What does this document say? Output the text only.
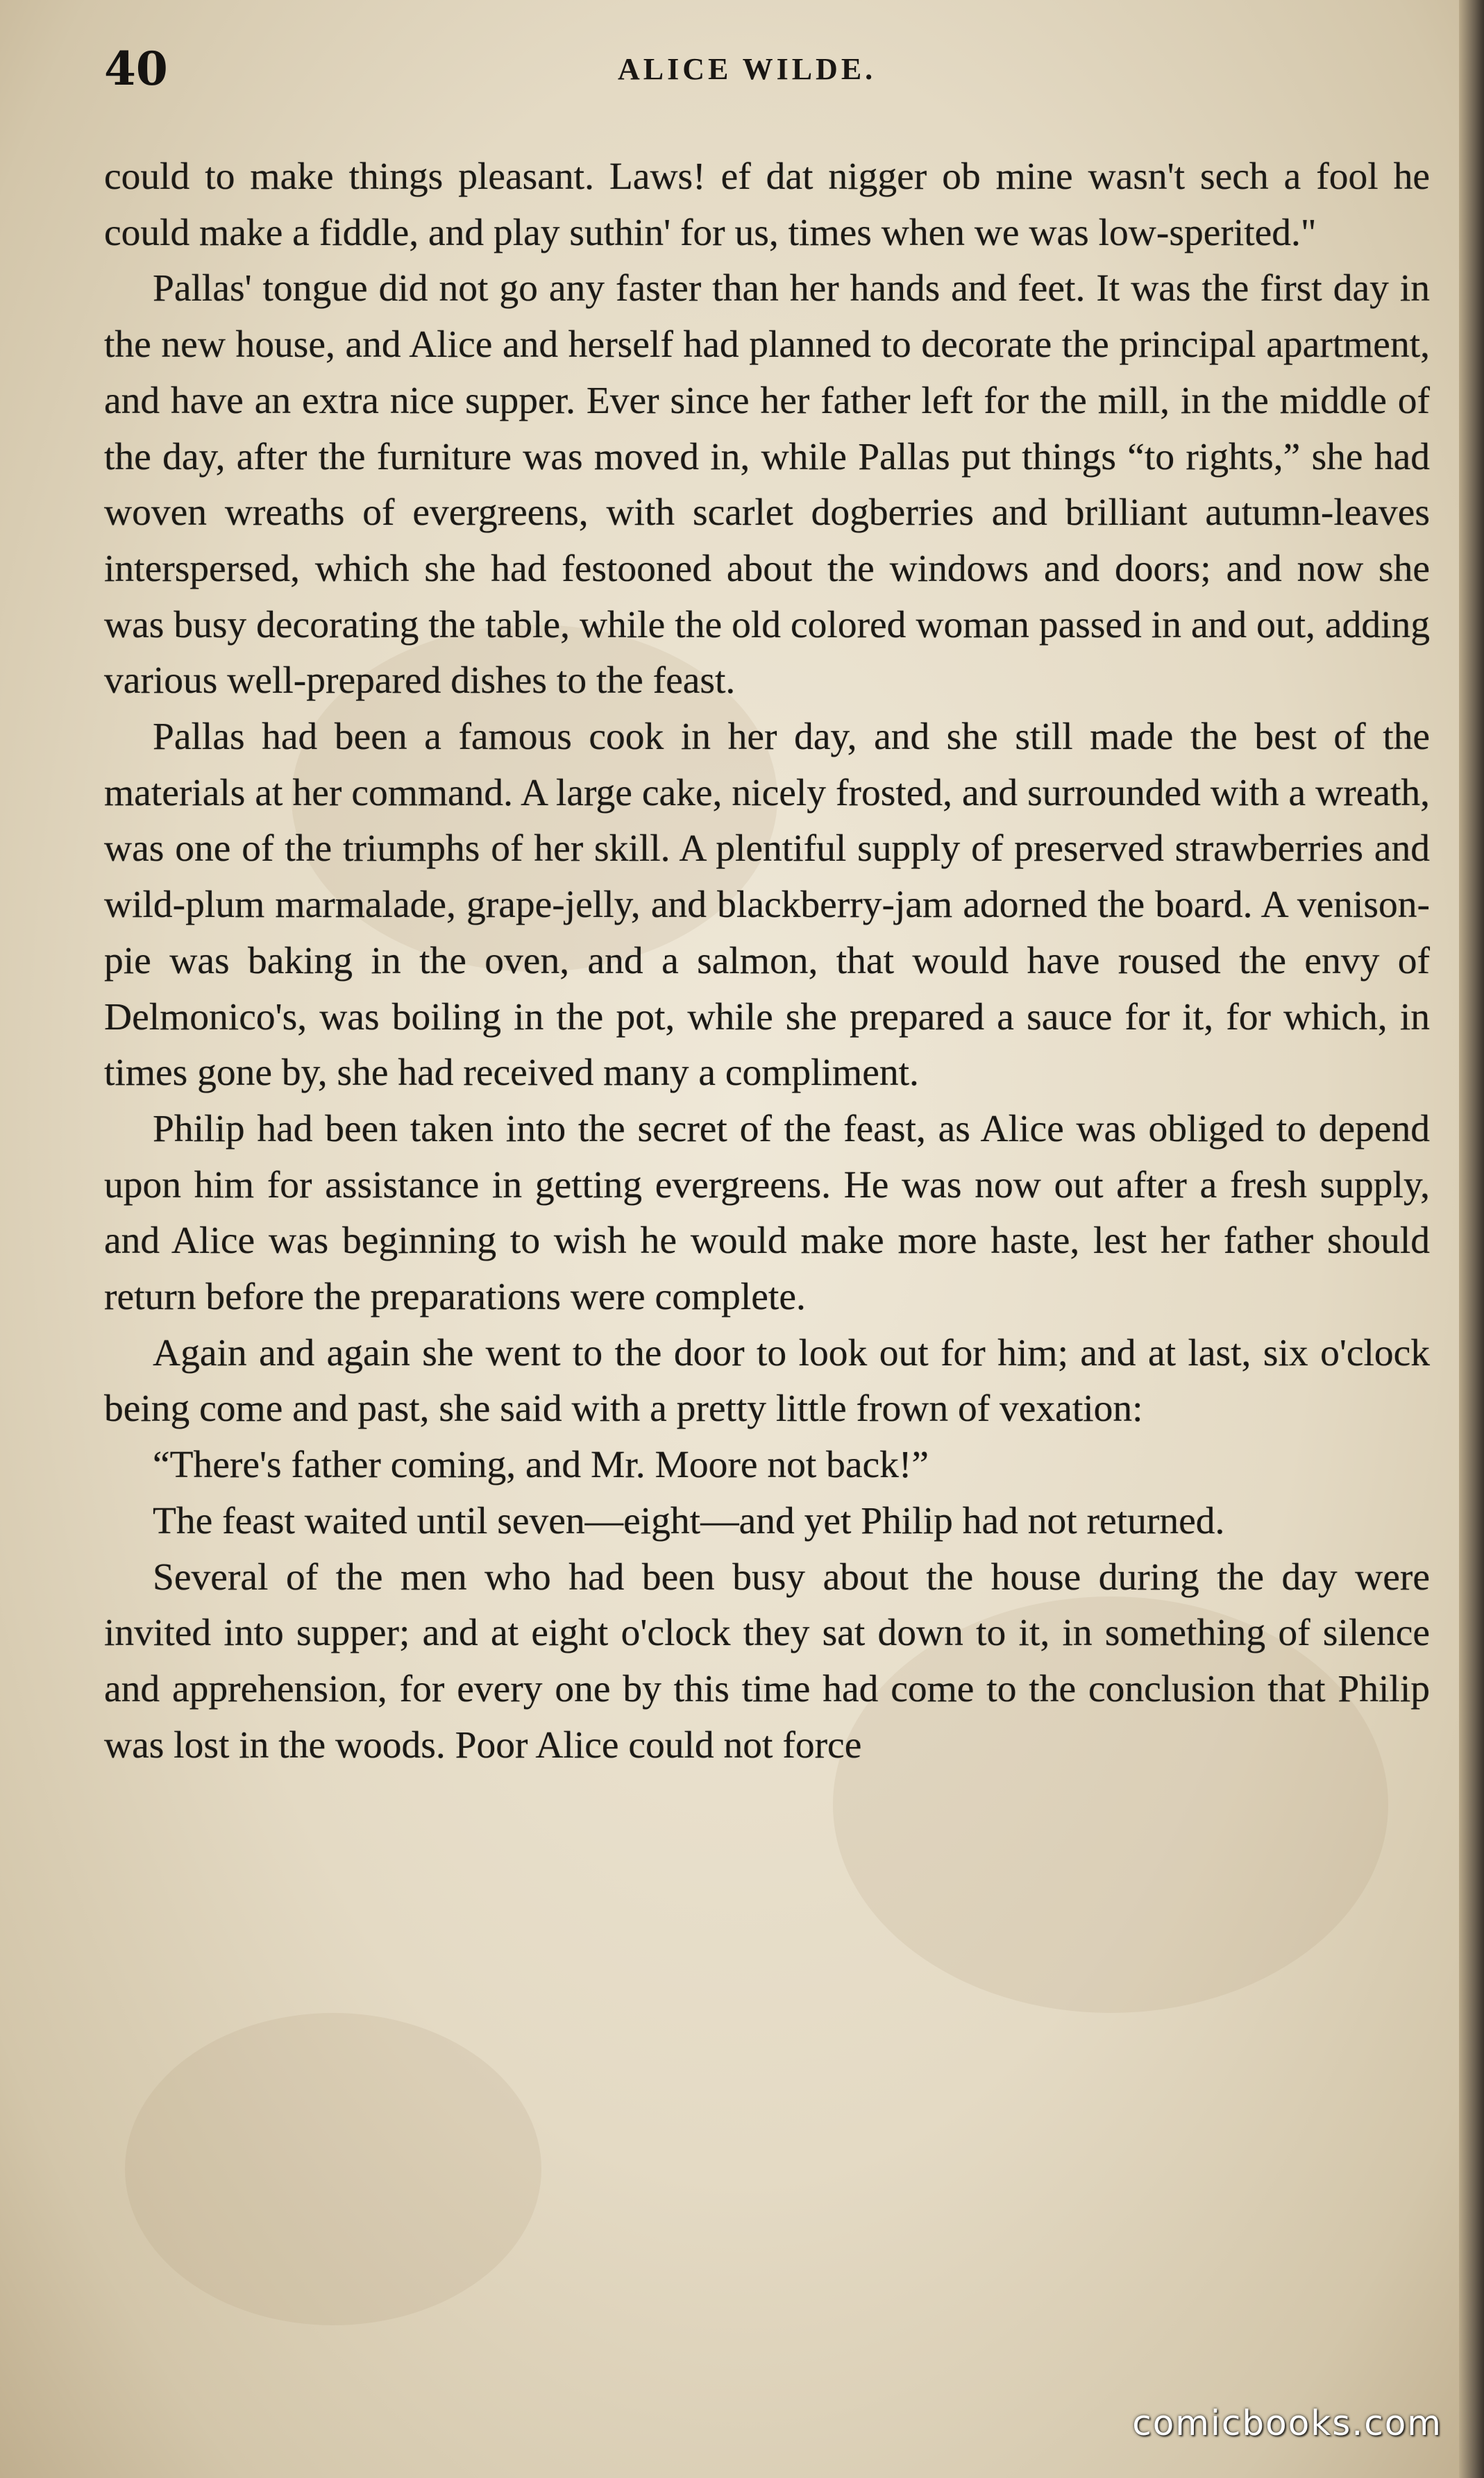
40	ALICE WILDE.

could to make things pleasant. Laws! ef dat nigger ob mine wasn't sech a fool he could make a fiddle, and play suthin' for us, times when we was low-sperited."

Pallas' tongue did not go any faster than her hands and feet. It was the first day in the new house, and Alice and herself had planned to decorate the principal apartment, and have an extra nice supper. Ever since her father left for the mill, in the middle of the day, after the furniture was moved in, while Pallas put things “to rights,” she had woven wreaths of evergreens, with scarlet dogberries and brilliant autumn-leaves interspersed, which she had festooned about the windows and doors; and now she was busy decorating the table, while the old colored woman passed in and out, adding various well-prepared dishes to the feast.

Pallas had been a famous cook in her day, and she still made the best of the materials at her command. A large cake, nicely frosted, and surrounded with a wreath, was one of the triumphs of her skill. A plentiful supply of preserved strawberries and wild-plum marmalade, grape-jelly, and blackberry-jam adorned the board. A venison-pie was baking in the oven, and a salmon, that would have roused the envy of Delmonico's, was boiling in the pot, while she prepared a sauce for it, for which, in times gone by, she had received many a compliment.

Philip had been taken into the secret of the feast, as Alice was obliged to depend upon him for assistance in getting evergreens. He was now out after a fresh supply, and Alice was beginning to wish he would make more haste, lest her father should return before the preparations were complete.

Again and again she went to the door to look out for him; and at last, six o'clock being come and past, she said with a pretty little frown of vexation:

“There's father coming, and Mr. Moore not back!”

The feast waited until seven—eight—and yet Philip had not returned.

Several of the men who had been busy about the house during the day were invited into supper; and at eight o'clock they sat down to it, in something of silence and apprehension, for every one by this time had come to the conclusion that Philip was lost in the woods. Poor Alice could not force

comicbooks.com
